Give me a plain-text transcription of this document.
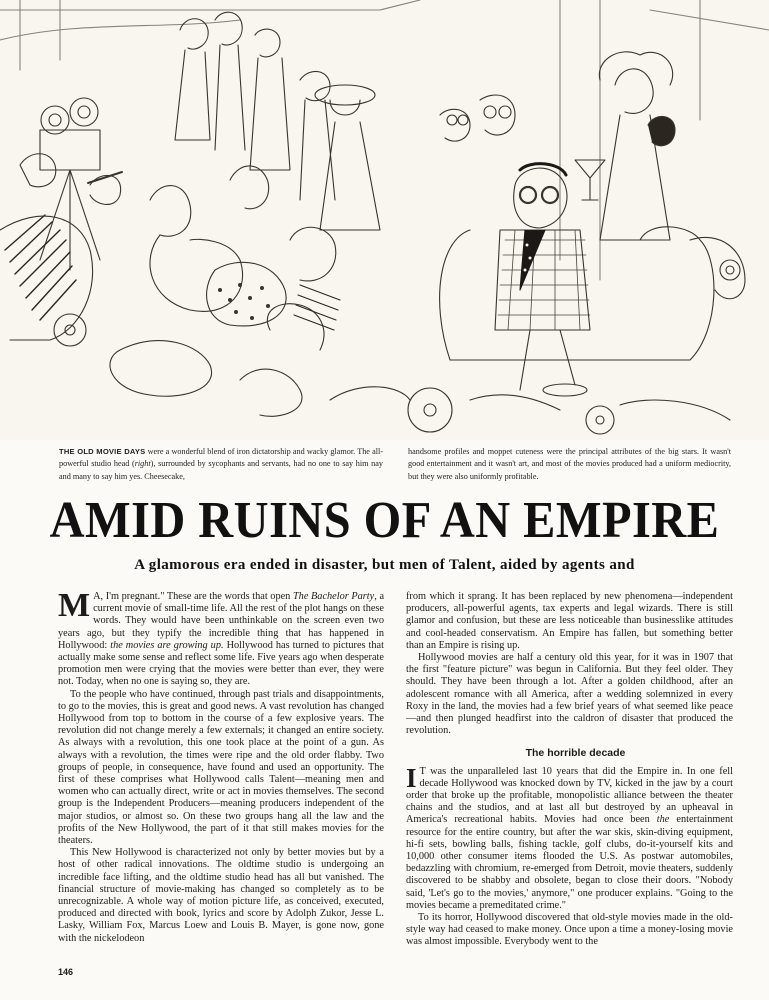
THE OLD MOVIE DAYS were a wonderful blend of iron dictatorship and wacky glamor. The all-powerful studio head (right), surrounded by sycophants and servants, had no one to say him nay and many to say him yes. Cheesecake,
handsome profiles and moppet cuteness were the principal attributes of the big stars. It wasn't good entertainment and it wasn't art, and most of the movies produced had a uniform mediocrity, but they were also uniformly profitable.
AMID RUINS OF AN EMPIRE
A glamorous era ended in disaster, but men of Talent, aided by agents and

M A, I'm pregnant." These are the words that open The Bachelor Party, a current movie of small-time life. All the rest of the plot hangs on these words. They would have been unthinkable on the screen even two years ago, but they typify the incredible thing that has happened in Hollywood: the movies are growing up. Hollywood has turned to pictures that actually make some sense and reflect some life. Five years ago when desperate promotion men were crying that the movies were better than ever, they were not. Today, when no one is saying so, they are.

To the people who have continued, through past trials and disappointments, to go to the movies, this is great and good news. A vast revolution has changed Hollywood from top to bottom in the course of a few explosive years. The revolution did not change merely a few externals; it changed an entire society. As always with a revolution, this one took place at the point of a gun. As always with a revolution, the times were ripe and the old order flabby. Two groups of people, in consequence, have found and used an opportunity. The first of these comprises what Hollywood calls Talent—meaning men and women who can actually direct, write or act in movies themselves. The second group is the Independent Producers—meaning producers independent of the major studios, or almost so. On these two groups hang all the law and the profits of the New Hollywood, the part of it that still makes movies for the theaters.

This New Hollywood is characterized not only by better movies but by a host of other radical innovations. The oldtime studio is undergoing an incredible face lifting, and the oldtime studio head has all but vanished. The financial structure of movie-making has changed so completely as to be unrecognizable. A whole way of motion picture life, as conceived, executed, produced and directed with book, lyrics and score by Adolph Zukor, Jesse L. Lasky, William Fox, Marcus Loew and Louis B. Mayer, is gone now, gone with the nickelodeon

from which it sprang. It has been replaced by new phenomena—independent producers, all-powerful agents, tax experts and legal wizards. There is still glamor and confusion, but these are less noticeable than businesslike attitudes and cool-headed conservatism. An Empire has fallen, but something better than an Empire is rising up.

Hollywood movies are half a century old this year, for it was in 1907 that the first "feature picture" was begun in California. But they feel older. They should. They have been through a lot. After a golden childhood, after an adolescent romance with all America, after a wedding solemnized in every Roxy in the land, the movies had a few brief years of what seemed like peace—and then plunged headfirst into the caldron of disaster that produced the revolution.

The horrible decade

I T was the unparalleled last 10 years that did the Empire in. In one fell decade Hollywood was knocked down by TV, kicked in the jaw by a court order that broke up the profitable, monopolistic alliance between the theater chains and the studios, and at last all but destroyed by an upheaval in America's recreational habits. Movies had once been the entertainment resource for the entire country, but after the war skis, skin-diving equipment, hi-fi sets, bowling balls, fishing tackle, golf clubs, do-it-yourself kits and 10,000 other consumer items flooded the U.S. As postwar automobiles, bedazzling with chromium, re-emerged from Detroit, movie theaters, suddenly discovered to be shabby and obsolete, began to close their doors. "Nobody said, 'Let's go to the movies,' anymore," one producer explains. "Going to the movies became a premeditated crime."

To its horror, Hollywood discovered that old-style movies made in the old-style way had ceased to make money. Once upon a time a money-losing movie was almost impossible. Everybody went to the

146
